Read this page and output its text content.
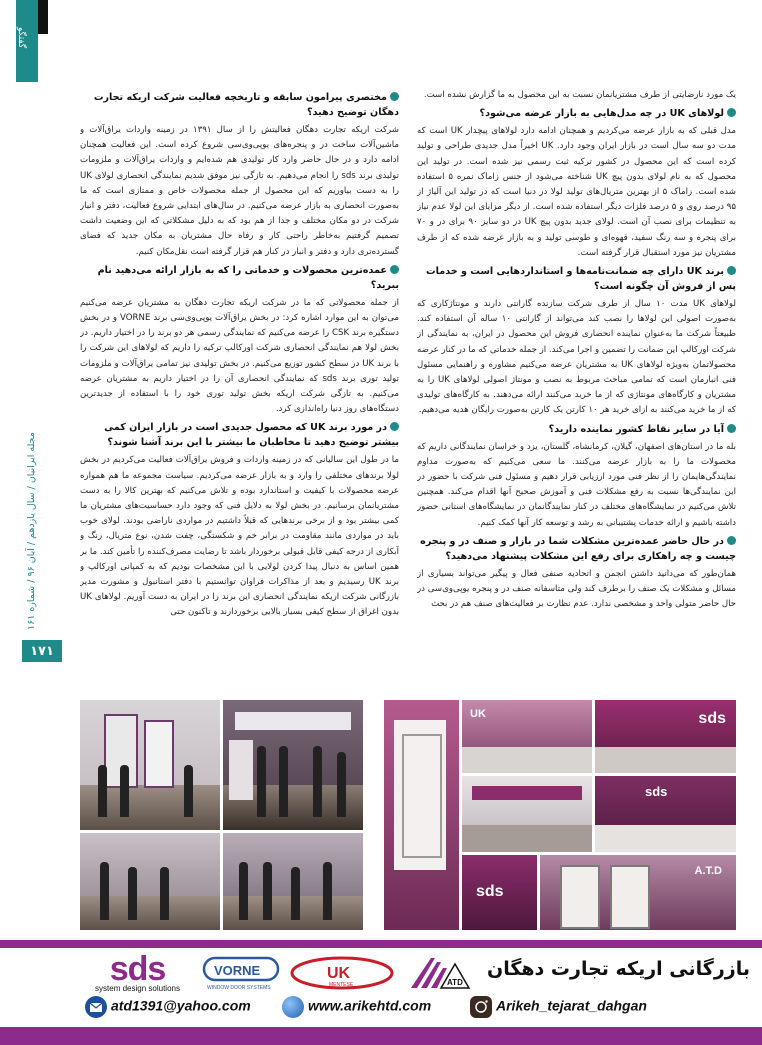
گفتگو
مجله ایرانیان / سال یازدهم / آبان ۹۶ / شماره ۱۶۱
۱۷۱
مختصری پیرامون سابقه و تاریخچه فعالیت شرکت اریکه تجارت دهگان توضیح دهید؟

شرکت اریکه تجارت دهگان فعالیتش را از سال ۱۳۹۱ در زمینه واردات یراق‌آلات و ماشین‌آلات ساخت در و پنجره‌های یوپی‌وی‌سی شروع کرده است. این فعالیت همچنان ادامه دارد و در حال حاضر وارد کار تولیدی هم شده‌ایم و واردات یراق‌آلات و ملزومات تولیدی برند sds را انجام می‌دهیم. به تازگی نیز موفق شدیم نمایندگی انحصاری لولای UK را به دست بیاوریم که این محصول از جمله محصولات خاص و ممتازی است که ما به‌صورت انحصاری به بازار عرضه می‌کنیم. در سال‌های ابتدایی شروع فعالیت، دفتر و انبار شرکت در دو مکان مختلف و جدا از هم بود که به دلیل مشکلاتی که این وضعیت داشت تصمیم گرفتیم به‌خاطر راحتی کار و رفاه حال مشتریان به مکان جدید که فضای گسترده‌تری دارد و دفتر و انبار در کنار هم قرار گرفته است نقل‌مکان کنیم.

عمده‌ترین محصولات و خدماتی را که به بازار ارائه می‌دهید نام ببرید؟

از جمله محصولاتی که ما در شرکت اریکه تجارت دهگان به مشتریان عرضه می‌کنیم می‌توان به این موارد اشاره کرد: در بخش یراق‌آلات یوپی‌وی‌سی برند VORNE و در بخش دستگیره برند CSK را عرضه می‌کنیم که نمایندگی رسمی هر دو برند را در اختیار داریم. در بخش لولا هم نمایندگی انحصاری شرکت اورکالپ ترکیه را داریم که لولاهای این شرکت را با برند UK در سطح کشور توزیع می‌کنیم. در بخش تولیدی نیز تمامی یراق‌آلات و ملزومات تولید توری برند sds که نمایندگی انحصاری آن را در اختیار داریم به مشتریان عرضه می‌کنیم. به تازگی شرکت اریکه بخش تولید توری خود را با استفاده از جدیدترین دستگاه‌های روز دنیا راه‌اندازی کرد.

در مورد برند UK که محصول جدیدی است در بازار ایران کمی بیشتر توضیح دهید تا مخاطبان ما بیشتر با این برند آشنا شوند؟

ما در طول این سالیانی که در زمینه واردات و فروش یراق‌آلات فعالیت می‌کردیم در بخش لولا برندهای مختلفی را وارد و به بازار عرضه می‌کردیم. سیاست مجموعه ما هم همواره عرضه محصولات با کیفیت و استاندارد بوده و تلاش می‌کنیم که بهترین کالا را به دست مشتریانمان برسانیم. در بخش لولا به دلایل فنی که وجود دارد حساسیت‌های مشتریان ما کمی بیشتر بود و از برخی برندهایی که قبلاً داشتیم در مواردی ناراضی بودند. لولای خوب باید در مواردی مانند مقاومت در برابر خم و شکستگی، چفت شدن، نوع متریال، رنگ و آبکاری از درجه کیفی قابل قبولی برخوردار باشد تا رضایت مصرف‌کننده را تأمین کند. ما بر همین اساس به دنبال پیدا کردن لولایی با این مشخصات بودیم که به کمپانی اورکالپ و برند UK رسیدیم و بعد از مذاکرات فراوان توانستیم با دفتر استانبول و مشورت مدیر بازرگانی شرکت اریکه نمایندگی انحصاری این برند را در ایران به دست آوریم. لولاهای UK بدون اغراق از سطح کیفی بسیار بالایی برخوردارند و تاکنون حتی

یک مورد نارضایتی از طرف مشتریانمان نسبت به این محصول به ما گزارش نشده است.

لولاهای UK در چه مدل‌هایی به بازار عرضه می‌شود؟

مدل قبلی که به بازار عرضه می‌کردیم و همچنان ادامه دارد لولاهای پیچدار UK است که مدت دو سه سال است در بازار ایران وجود دارد. UK اخیراً مدل جدیدی طراحی و تولید کرده است که این محصول در کشور ترکیه ثبت رسمی نیز شده است. در تولید این محصول که به نام لولای بدون پیچ UK شناخته می‌شود از جنس زاماک نمره ۵ استفاده شده است. زاماک ۵ از بهترین متریال‌های تولید لولا در دنیا است که در تولید این آلیاژ از ۹۵ درصد روی و ۵ درصد فلزات دیگر استفاده شده است. از دیگر مزایای این لولا عدم نیاز به تنظیمات برای نصب آن است. لولای جدید بدون پیچ UK در دو سایز ۹۰ برای در و ۷۰ برای پنجره و سه رنگ سفید، قهوه‌ای و طوسی تولید و به بازار عرضه شده که از طرف مشتریان نیز مورد استقبال قرار گرفته است.

برند UK دارای چه ضمانت‌نامه‌ها و استانداردهایی است و خدمات پس از فروش آن چگونه است؟

لولاهای UK مدت ۱۰ سال از طرف شرکت سازنده گارانتی دارند و مونتاژکاری که به‌صورت اصولی این لولاها را نصب کند می‌تواند از گارانتی ۱۰ ساله آن استفاده کند. طبیعتاً شرکت ما به‌عنوان نماینده انحصاری فروش این محصول در ایران، به نمایندگی از شرکت اورکالپ این ضمانت را تضمین و اجرا می‌کند. از جمله خدماتی که ما در کنار عرضه محصولاتمان به‌ویژه لولاهای UK به مشتریان عرضه می‌کنیم مشاوره و راهنمایی مسئول فنی انبارمان است که تمامی مباحث مربوط به نصب و مونتاژ اصولی لولاهای UK را به مشتریان و کارگاه‌های مونتاژی که از ما خرید می‌کنند ارائه می‌دهند. به کارگاه‌های تولیدی که از ما خرید می‌کنند به ازای خرید هر ۱۰ کارتن یک کارتن به‌صورت رایگان هدیه می‌دهیم.

آیا در سایر نقاط کشور نماینده دارید؟

بله ما در استان‌های اصفهان، گیلان، کرمانشاه، گلستان، یزد و خراسان نمایندگانی داریم که محصولات ما را به بازار عرضه می‌کنند. ما سعی می‌کنیم که به‌صورت مداوم نمایندگی‌هایمان را از نظر فنی مورد ارزیابی قرار دهیم و مسئول فنی شرکت با حضور در این نمایندگی‌ها نسبت به رفع مشکلات فنی و آموزش صحیح آنها اقدام می‌کند. همچنین تلاش می‌کنیم در نمایشگاه‌های مختلف در کنار نمایندگانمان در نمایشگاه‌های استانی حضور داشته باشیم و ارائه خدمات پشتیبانی به رشد و توسعه کار آنها کمک کنیم.

در حال حاضر عمده‌ترین مشکلات شما در بازار و صنف در و پنجره چیست و چه راهکاری برای رفع این مشکلات پیشنهاد می‌دهید؟

همان‌طور که می‌دانید داشتن انجمن و اتحادیه صنفی فعال و پیگیر می‌تواند بسیاری از مسائل و مشکلات یک صنف را برطرف کند ولی متاسفانه صنف در و پنجره یوپی‌وی‌سی در حال حاضر متولی واحد و مشخصی ندارد. عدم نظارت بر فعالیت‌های صنف هم در بحث

UK	sds
sds
sds
A.T.D
بازرگانی اریکه تجارت دهگان
ATD
UK
MENTEŞE
VORNE
WINDOW DOOR SYSTEMS
sds
system design solutions
atd1391@yahoo.com	www.arikehtd.com	Arikeh_tejarat_dahgan
